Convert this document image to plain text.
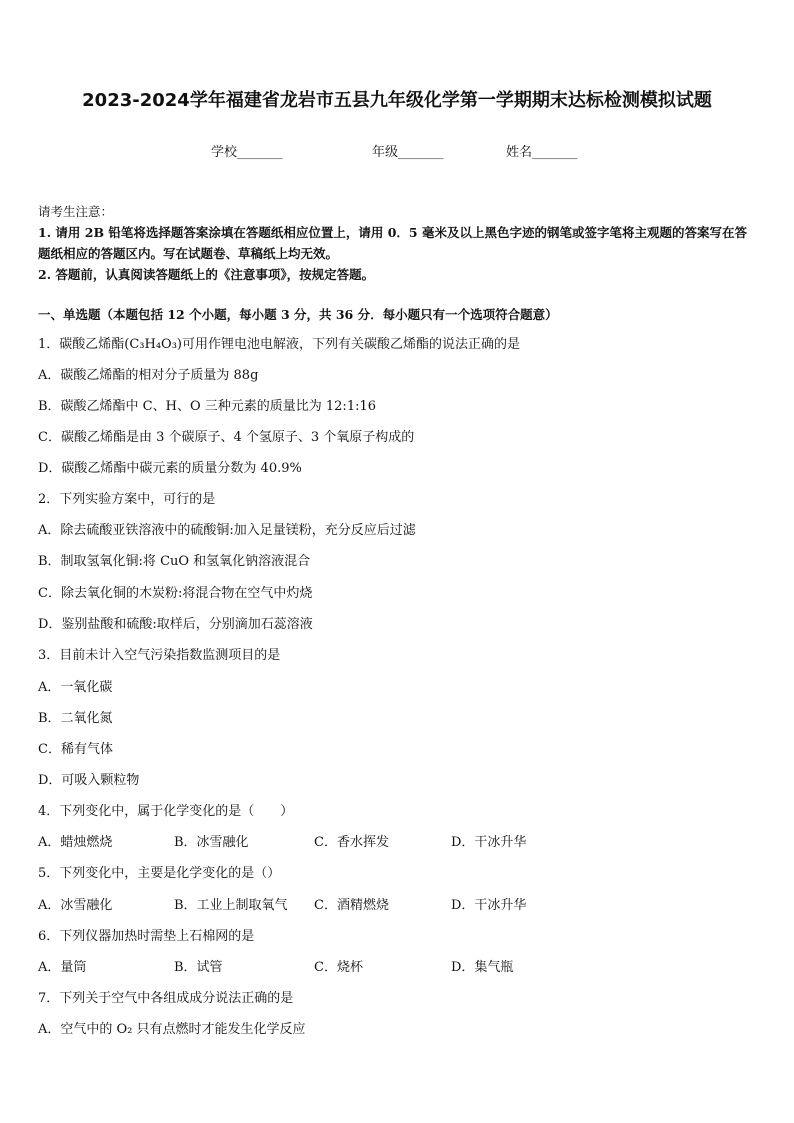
2023-2024学年福建省龙岩市五县九年级化学第一学期期末达标检测模拟试题
学校_______	年级_______	姓名_______
请考生注意：
1. 请用 2B 铅笔将选择题答案涂填在答题纸相应位置上，请用 0．5 毫米及以上黑色字迹的钢笔或签字笔将主观题的答案写在答题纸相应的答题区内。写在试题卷、草稿纸上均无效。
2. 答题前，认真阅读答题纸上的《注意事项》，按规定答题。
一、单选题（本题包括 12 个小题，每小题 3 分，共 36 分．每小题只有一个选项符合题意）
1．碳酸乙烯酯(C₃H₄O₃)可用作锂电池电解液，下列有关碳酸乙烯酯的说法正确的是
A．碳酸乙烯酯的相对分子质量为 88g
B．碳酸乙烯酯中 C、H、O 三种元素的质量比为 12:1:16
C．碳酸乙烯酯是由 3 个碳原子、4 个氢原子、3 个氧原子构成的
D．碳酸乙烯酯中碳元素的质量分数为 40.9%
2．下列实验方案中，可行的是
A．除去硫酸亚铁溶液中的硫酸铜:加入足量镁粉，充分反应后过滤
B．制取氢氧化铜:将 CuO 和氢氧化钠溶液混合
C．除去氧化铜的木炭粉:将混合物在空气中灼烧
D．鉴别盐酸和硫酸:取样后，分别滴加石蕊溶液
3．目前未计入空气污染指数监测项目的是
A．一氧化碳
B．二氧化氮
C．稀有气体
D．可吸入颗粒物
4．下列变化中，属于化学变化的是（　　）
A．蜡烛燃烧	B．冰雪融化	C．香水挥发	D．干冰升华
5．下列变化中，主要是化学变化的是（）
A．冰雪融化	B．工业上制取氧气 C．酒精燃烧	D．干冰升华
6．下列仪器加热时需垫上石棉网的是
A．量筒	B．试管	C．烧杯	D．集气瓶
7．下列关于空气中各组成成分说法正确的是
A．空气中的 O₂ 只有点燃时才能发生化学反应
